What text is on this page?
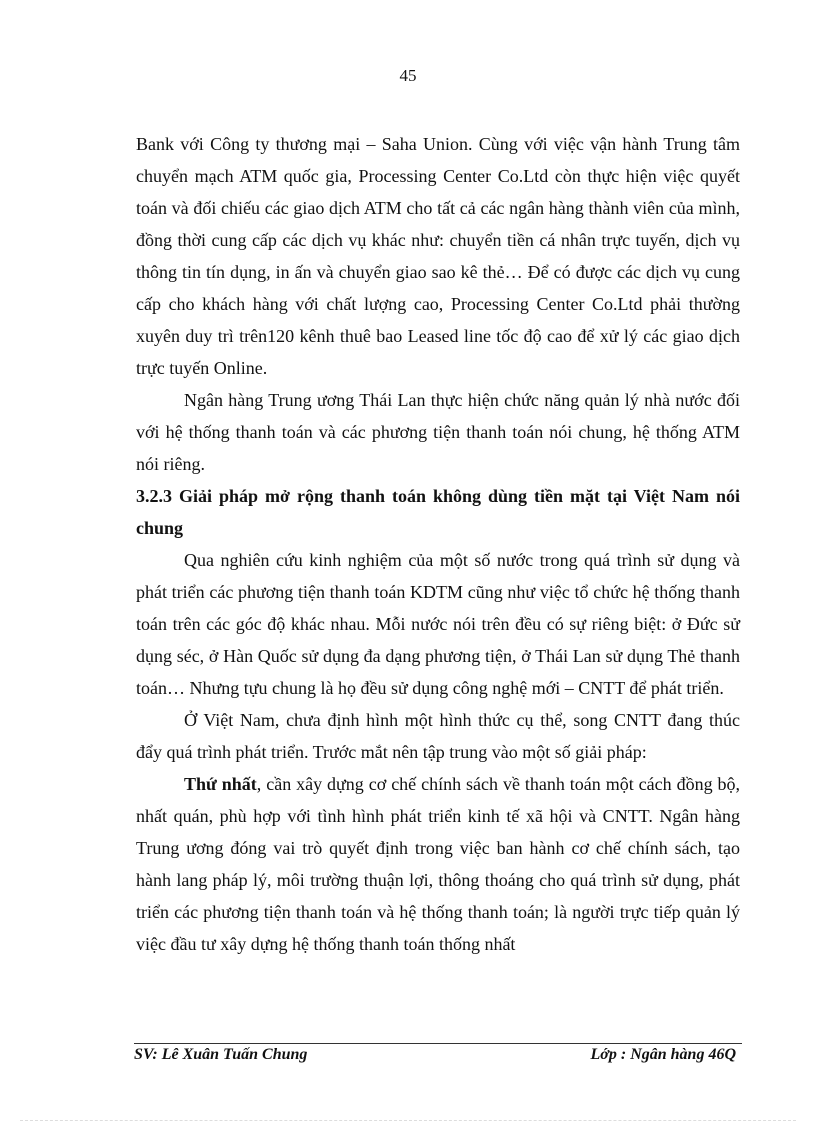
45

Bank với Công ty thương mại – Saha Union. Cùng với việc vận hành Trung tâm chuyển mạch ATM quốc gia, Processing Center Co.Ltd còn thực hiện việc quyết toán và đối chiếu các giao dịch ATM cho tất cả các ngân hàng thành viên của mình, đồng thời cung cấp các dịch vụ khác như: chuyển tiền cá nhân trực tuyến, dịch vụ thông tin tín dụng, in ấn và chuyển giao sao kê thẻ… Để có được các dịch vụ cung cấp cho khách hàng với chất lượng cao, Processing Center Co.Ltd phải thường xuyên duy trì trên120 kênh thuê bao Leased line tốc độ cao để xử lý các giao dịch trực tuyến Online.

Ngân hàng Trung ương Thái Lan thực hiện chức năng quản lý nhà nước đối với hệ thống thanh toán và các phương tiện thanh toán nói chung, hệ thống ATM nói riêng.

3.2.3 Giải pháp mở rộng thanh toán không dùng tiền mặt tại Việt Nam nói chung

Qua nghiên cứu kinh nghiệm của một số nước trong quá trình sử dụng và phát triển các phương tiện thanh toán KDTM cũng như việc tổ chức hệ thống thanh toán trên các góc độ khác nhau. Mỗi nước nói trên đều có sự riêng biệt: ở Đức sử dụng séc, ở Hàn Quốc sử dụng đa dạng phương tiện, ở Thái Lan sử dụng Thẻ thanh toán… Nhưng tựu chung là họ đều sử dụng công nghệ mới – CNTT để phát triển.

Ở Việt Nam, chưa định hình một hình thức cụ thể, song CNTT đang thúc đẩy quá trình phát triển. Trước mắt nên tập trung vào một số giải pháp:

Thứ nhất, cần xây dựng cơ chế chính sách về thanh toán một cách đồng bộ, nhất quán, phù hợp với tình hình phát triển kinh tế xã hội và CNTT. Ngân hàng Trung ương đóng vai trò quyết định trong việc ban hành cơ chế chính sách, tạo hành lang pháp lý, môi trường thuận lợi, thông thoáng cho quá trình sử dụng, phát triển các phương tiện thanh toán và hệ thống thanh toán; là người trực tiếp quản lý việc đầu tư xây dựng hệ thống thanh toán thống nhất

SV: Lê Xuân Tuấn Chung	Lớp : Ngân hàng 46Q
